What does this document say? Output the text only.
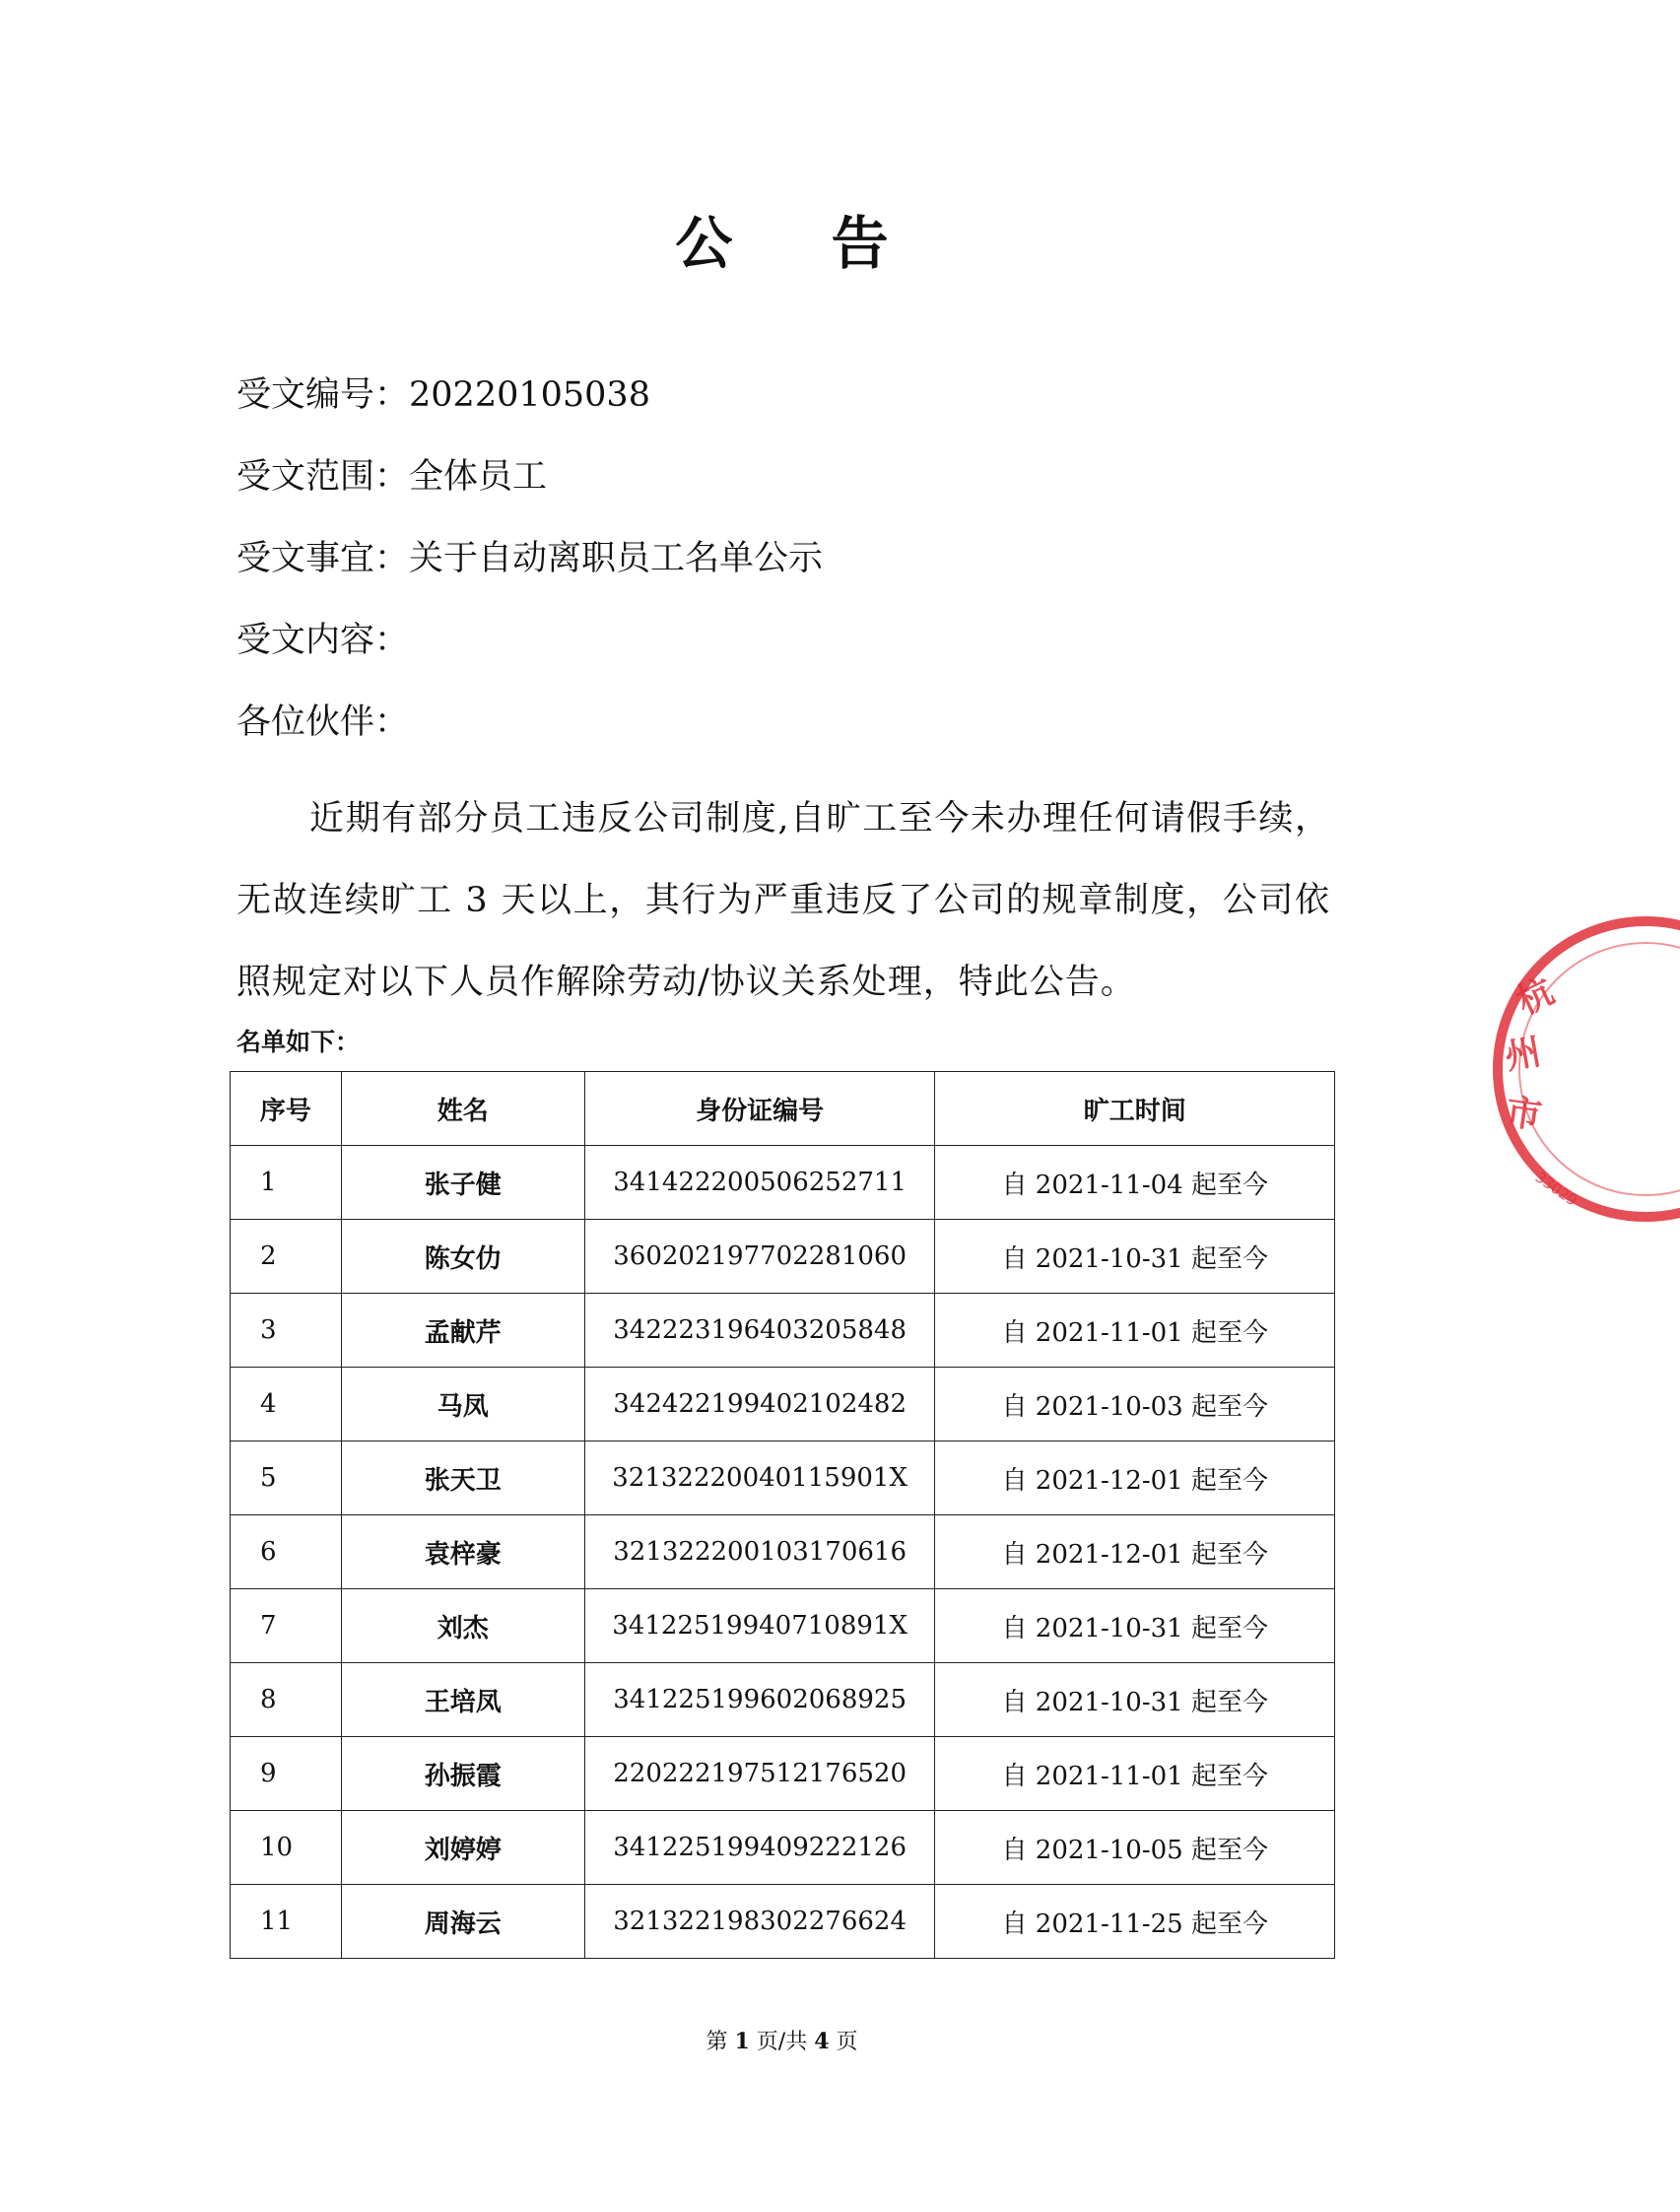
公 告
受文编号：20220105038
受文范围：全体员工
受文事宜：关于自动离职员工名单公示
受文内容：
各位伙伴：
近期有部分员工违反公司制度,自旷工至今未办理任何请假手续，无故连续旷工 3 天以上，其行为严重违反了公司的规章制度，公司依照规定对以下人员作解除劳动/协议关系处理，特此公告。
名单如下：
序号	姓名	身份证编号	旷工时间
1	张子健	341422200506252711	自 2021-11-04 起至今
2	陈女仂	360202197702281060	自 2021-10-31 起至今
3	孟献芹	342223196403205848	自 2021-11-01 起至今
4	马凤	342422199402102482	自 2021-10-03 起至今
5	张天卫	32132220040115901X	自 2021-12-01 起至今
6	袁梓豪	321322200103170616	自 2021-12-01 起至今
7	刘杰	34122519940710891X	自 2021-10-31 起至今
8	王培凤	341225199602068925	自 2021-10-31 起至今
9	孙振霞	220222197512176520	自 2021-11-01 起至今
10	刘婷婷	341225199409222126	自 2021-10-05 起至今
11	周海云	321322198302276624	自 2021-11-25 起至今
第 1 页/共 4 页
杭
州
市
33029
